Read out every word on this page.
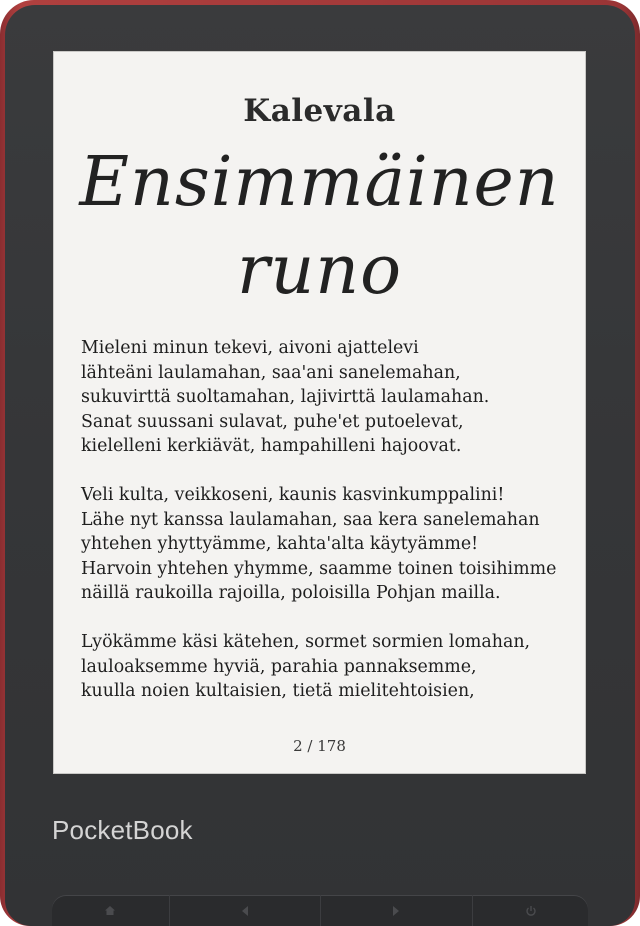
Kalevala
Ensimmäinen
runo
Mieleni minun tekevi, aivoni ajattelevi
lähteäni laulamahan, saa'ani sanelemahan,
sukuvirttä suoltamahan, lajivirttä laulamahan.
Sanat suussani sulavat, puhe'et putoelevat,
kielelleni kerkiävät, hampahilleni hajoovat.
Veli kulta, veikkoseni, kaunis kasvinkumppalini!
Lähe nyt kanssa laulamahan, saa kera sanelemahan
yhtehen yhyttyämme, kahta'alta käytyämme!
Harvoin yhtehen yhymme, saamme toinen toisihimme
näillä raukoilla rajoilla, poloisilla Pohjan mailla.
Lyökämme käsi kätehen, sormet sormien lomahan,
lauloaksemme hyviä, parahia pannaksemme,
kuulla noien kultaisien, tietä mielitehtoisien,
2 / 178
PocketBook
